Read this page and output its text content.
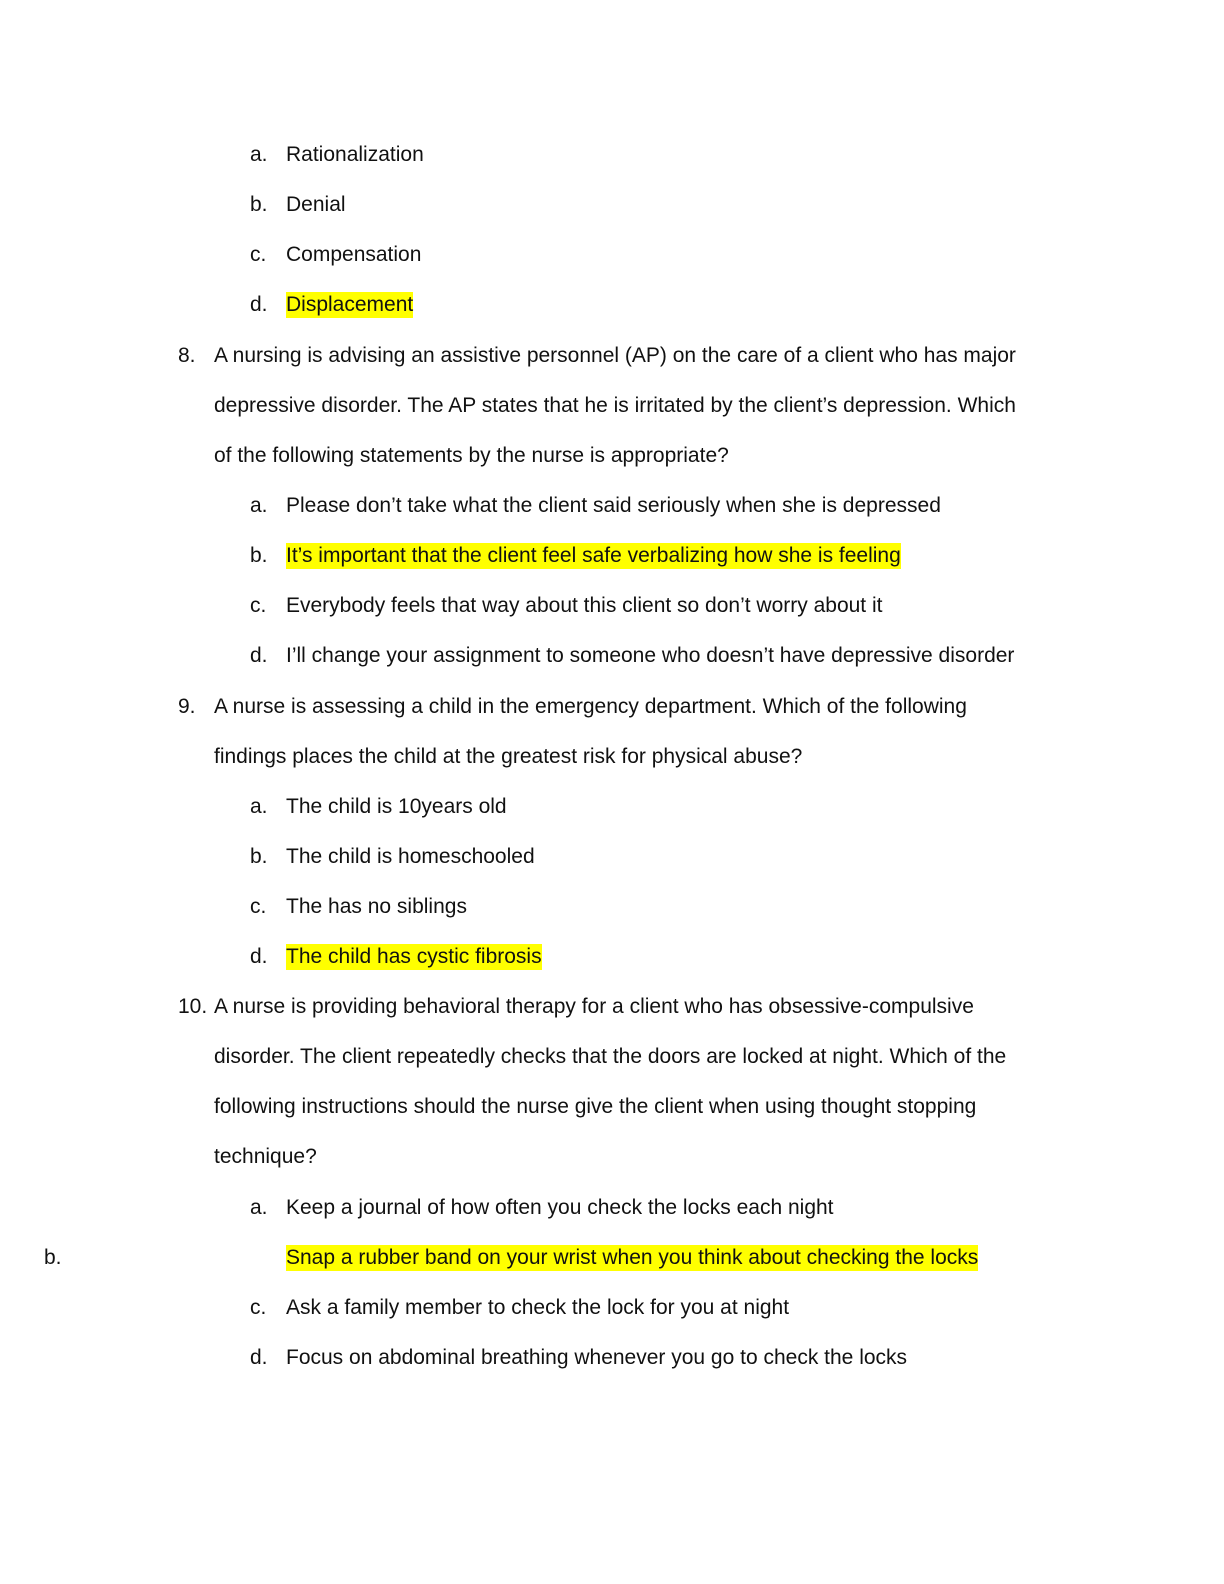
a. Rationalization
b. Denial
c. Compensation
d. Displacement
8. A nursing is advising an assistive personnel (AP) on the care of a client who has major
depressive disorder. The AP states that he is irritated by the client’s depression. Which
of the following statements by the nurse is appropriate?
a. Please don’t take what the client said seriously when she is depressed
b. It’s important that the client feel safe verbalizing how she is feeling
c. Everybody feels that way about this client so don’t worry about it
d. I’ll change your assignment to someone who doesn’t have depressive disorder
9. A nurse is assessing a child in the emergency department. Which of the following
findings places the child at the greatest risk for physical abuse?
a. The child is 10years old
b. The child is homeschooled
c. The has no siblings
d. The child has cystic fibrosis
10. A nurse is providing behavioral therapy for a client who has obsessive-compulsive
disorder. The client repeatedly checks that the doors are locked at night. Which of the
following instructions should the nurse give the client when using thought stopping
technique?
a. Keep a journal of how often you check the locks each night
b.	Snap a rubber band on your wrist when you think about checking the locks
c. Ask a family member to check the lock for you at night
d. Focus on abdominal breathing whenever you go to check the locks
